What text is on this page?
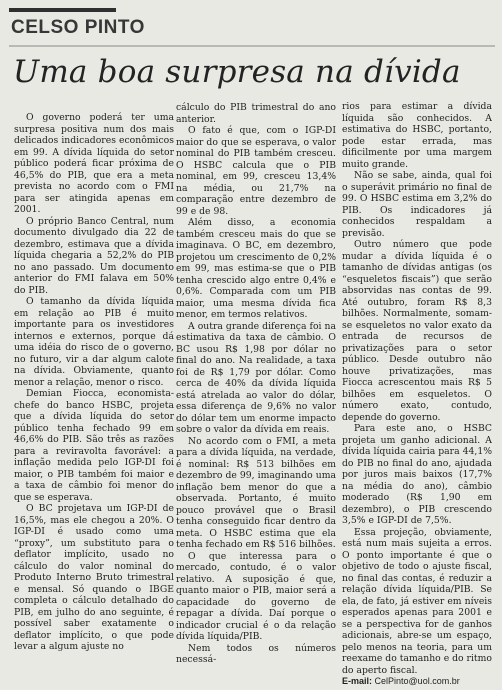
CELSO PINTO
Uma boa surpresa na dívida

O governo poderá ter uma surpresa positiva num dos mais delicados indicadores econômicos em 99. A dívida líquida do setor público poderá ficar próxima de 46,5% do PIB, que era a meta prevista no acordo com o FMI para ser atingida apenas em 2001.

O próprio Banco Central, num documento divulgado dia 22 de dezembro, estimava que a dívida líquida chegaria a 52,2% do PIB no ano passado. Um documento anterior do FMI falava em 50% do PIB.

O tamanho da dívida líquida em relação ao PIB é muito importante para os investidores internos e externos, porque dá uma idéia do risco de o governo, no futuro, vir a dar algum calote na dívida. Obviamente, quanto menor a relação, menor o risco.

Demian Fiocca, economista-chefe do banco HSBC, projeta que a dívida líquida do setor público tenha fechado 99 em 46,6% do PIB. São três as razões para a reviravolta favorável: a inflação medida pelo IGP-DI foi maior, o PIB também foi maior e a taxa de câmbio foi menor do que se esperava.

O BC projetava um IGP-DI de 16,5%, mas ele chegou a 20%. O IGP-DI é usado como uma “proxy”, um substituto para o deflator implícito, usado no cálculo do valor nominal do Produto Interno Bruto trimestral e mensal. Só quando o IBGE completa o cálculo detalhado do PIB, em julho do ano seguinte, é possível saber exatamente o deflator implícito, o que pode levar a algum ajuste no

cálculo do PIB trimestral do ano anterior.

O fato é que, com o IGP-DI maior do que se esperava, o valor nominal do PIB também cresceu. O HSBC calcula que o PIB nominal, em 99, cresceu 13,4% na média, ou 21,7% na comparação entre dezembro de 99 e de 98.

Além disso, a economia também cresceu mais do que se imaginava. O BC, em dezembro, projetou um crescimento de 0,2% em 99, mas estima-se que o PIB tenha crescido algo entre 0,4% e 0,6%. Comparada com um PIB maior, uma mesma dívida fica menor, em termos relativos.

A outra grande diferença foi na estimativa da taxa de câmbio. O BC usou R$ 1,98 por dólar no final do ano. Na realidade, a taxa foi de R$ 1,79 por dólar. Como cerca de 40% da dívida líquida está atrelada ao valor do dólar, essa diferença de 9,6% no valor do dólar tem um enorme impacto sobre o valor da dívida em reais.

No acordo com o FMI, a meta para a dívida líquida, na verdade, é nominal: R$ 513 bilhões em dezembro de 99, imaginando uma inflação bem menor do que a observada. Portanto, é muito pouco provável que o Brasil tenha conseguido ficar dentro da meta. O HSBC estima que ela tenha fechado em R$ 516 bilhões.

O que interessa para o mercado, contudo, é o valor relativo. A suposição é que, quanto maior o PIB, maior será a capacidade do governo de repagar a dívida. Daí porque o indicador crucial é o da relação dívida líquida/PIB.

Nem todos os números necessá-

rios para estimar a dívida líquida são conhecidos. A estimativa do HSBC, portanto, pode estar errada, mas dificilmente por uma margem muito grande.

Não se sabe, ainda, qual foi o superávit primário no final de 99. O HSBC estima em 3,2% do PIB. Os indicadores já conhecidos respaldam a previsão.

Outro número que pode mudar a dívida líquida é o tamanho de dívidas antigas (os “esqueletos fiscais”) que serão absorvidas nas contas de 99. Até outubro, foram R$ 8,3 bilhões. Normalmente, somam-se esqueletos no valor exato da entrada de recursos de privatizações para o setor público. Desde outubro não houve privatizações, mas Fiocca acrescentou mais R$ 5 bilhões em esqueletos. O número exato, contudo, depende do governo.

Para este ano, o HSBC projeta um ganho adicional. A dívida líquida cairia para 44,1% do PIB no final do ano, ajudada por juros mais baixos (17,7% na média do ano), câmbio moderado (R$ 1,90 em dezembro), o PIB crescendo 3,5% e IGP-DI de 7,5%.

Essa projeção, obviamente, está num mais sujeita a erros. O ponto importante é que o objetivo de todo o ajuste fiscal, no final das contas, é reduzir a relação dívida líquida/PIB. Se ela, de fato, já estiver em níveis esperados apenas para 2001 e se a perspectiva for de ganhos adicionais, abre-se um espaço, pelo menos na teoria, para um reexame do tamanho e do ritmo do aperto fiscal.

E-mail: CelPinto@uol.com.br
